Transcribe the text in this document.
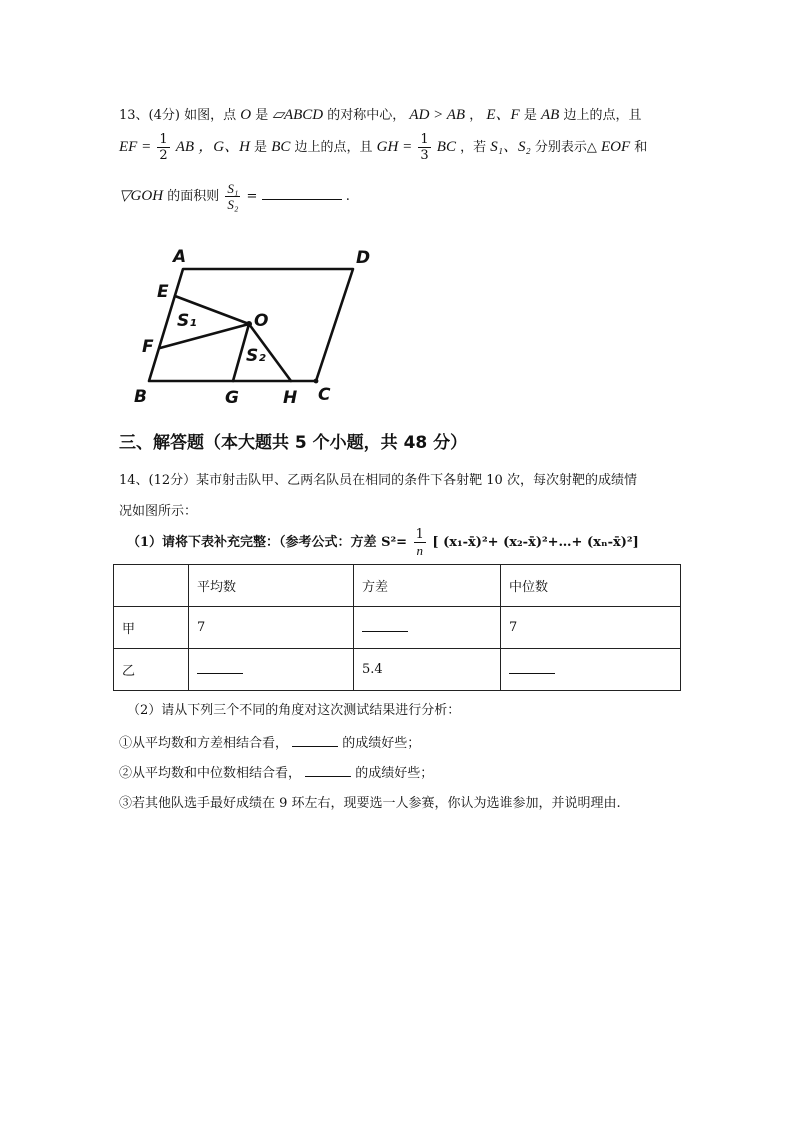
13、(4分) 如图，点 O 是 ▱ABCD 的对称中心， AD > AB ， E、F 是 AB 边上的点，且
EF = $\frac{1}{2}$ AB ，G、H 是 BC 边上的点，且 GH = $\frac{1}{3}$ BC ，若 S₁、S₂ 分别表示△ EOF 和
▽GOH 的面积则 $\frac{\text{S₁}}{\text{S₂}}$ =	.
A	D
E
S₁	O
F	S₂
B	G	H C
三、解答题（本大题共 5 个小题，共 48 分）
14、(12分）某市射击队甲、乙两名队员在相同的条件下各射靶 10 次，每次射靶的成绩情
况如图所示：
（1）请将下表补充完整：（参考公式：方差 $S^2= \frac{1}{n}$ [ (x₁-x̄)²+ (x₂-x̄)²+…+ (xₙ-x̄)²]
	平均数	方差	中位数
甲	7		7
乙		5.4	
（2）请从下列三个不同的角度对这次测试结果进行分析：
①从平均数和方差相结合看，	的成绩好些；
②从平均数和中位数相结合看，	的成绩好些；
③若其他队选手最好成绩在 9 环左右，现要选一人参赛，你认为选谁参加，并说明理由.
